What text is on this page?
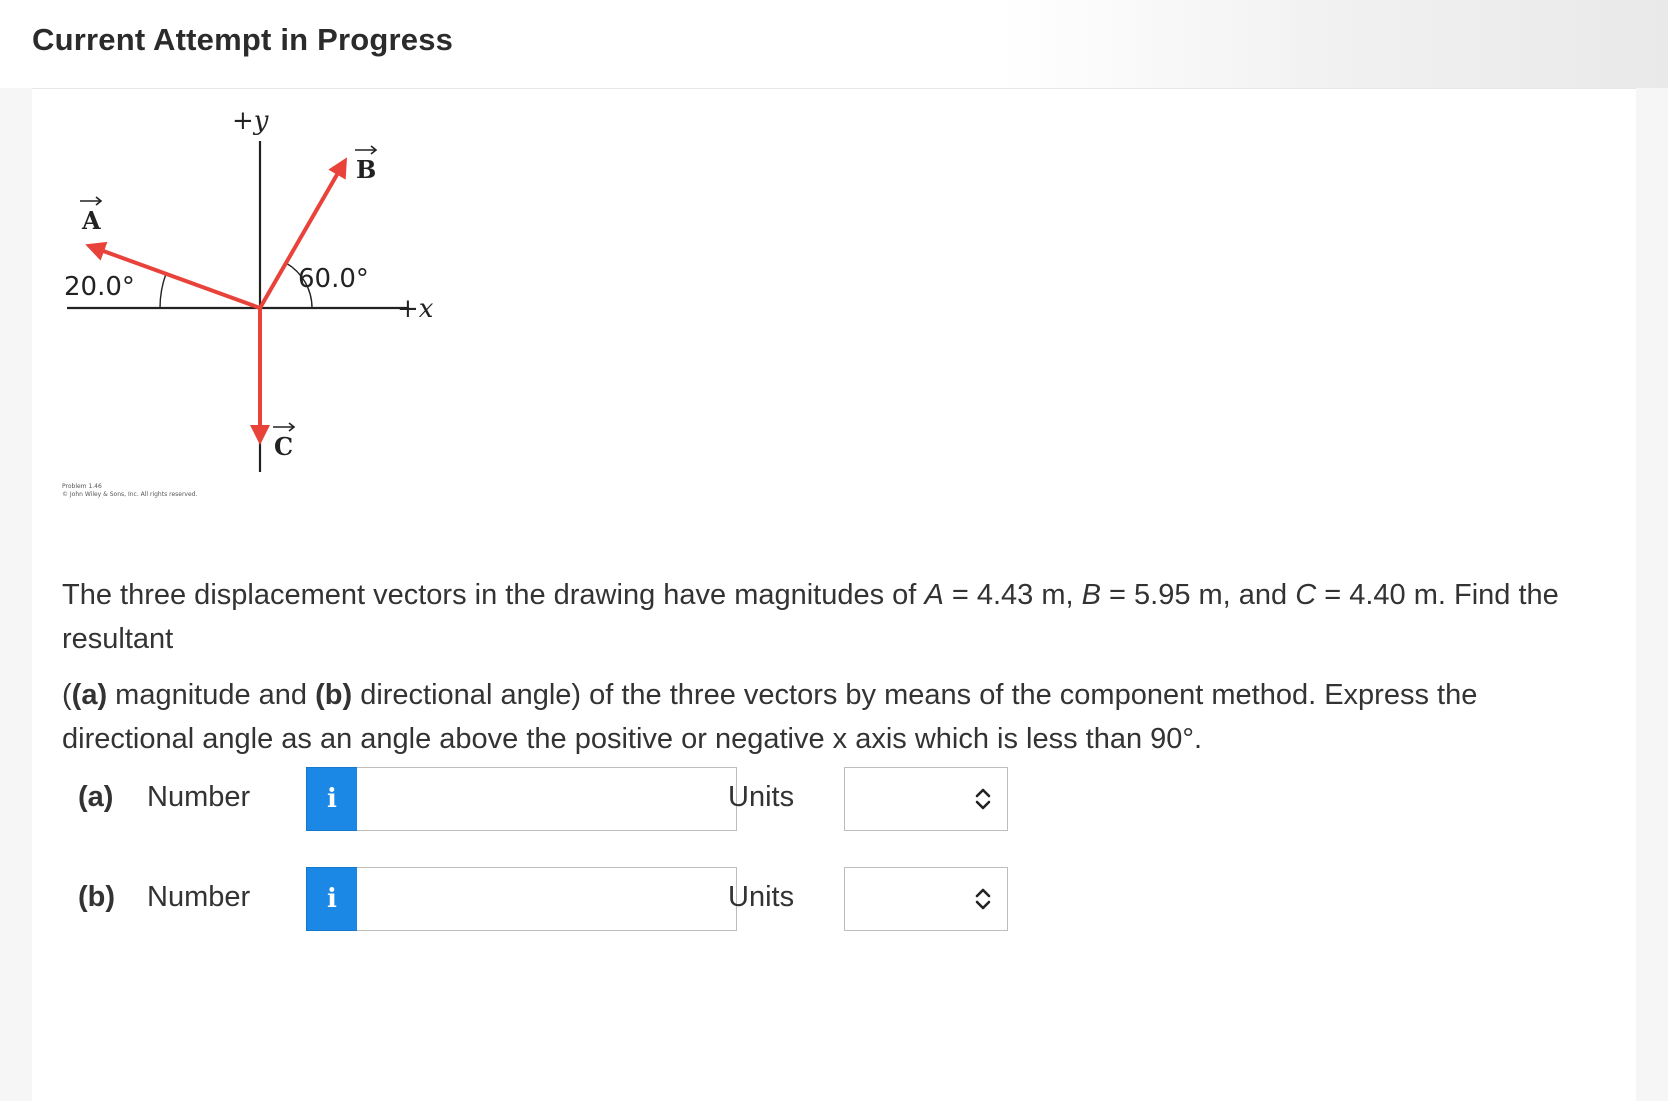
Current Attempt in Progress
A
B
C
+y
+x
20.0°	60.0°
Problem 1.46
© John Wiley & Sons, Inc. All rights reserved.

The three displacement vectors in the drawing have magnitudes of A = 4.43 m, B = 5.95 m, and C = 4.40 m. Find the resultant

((a) magnitude and (b) directional angle) of the three vectors by means of the component method. Express the directional angle as an angle above the positive or negative x axis which is less than 90°.

(a) Number	i	Units
(b) Number	i	Units
